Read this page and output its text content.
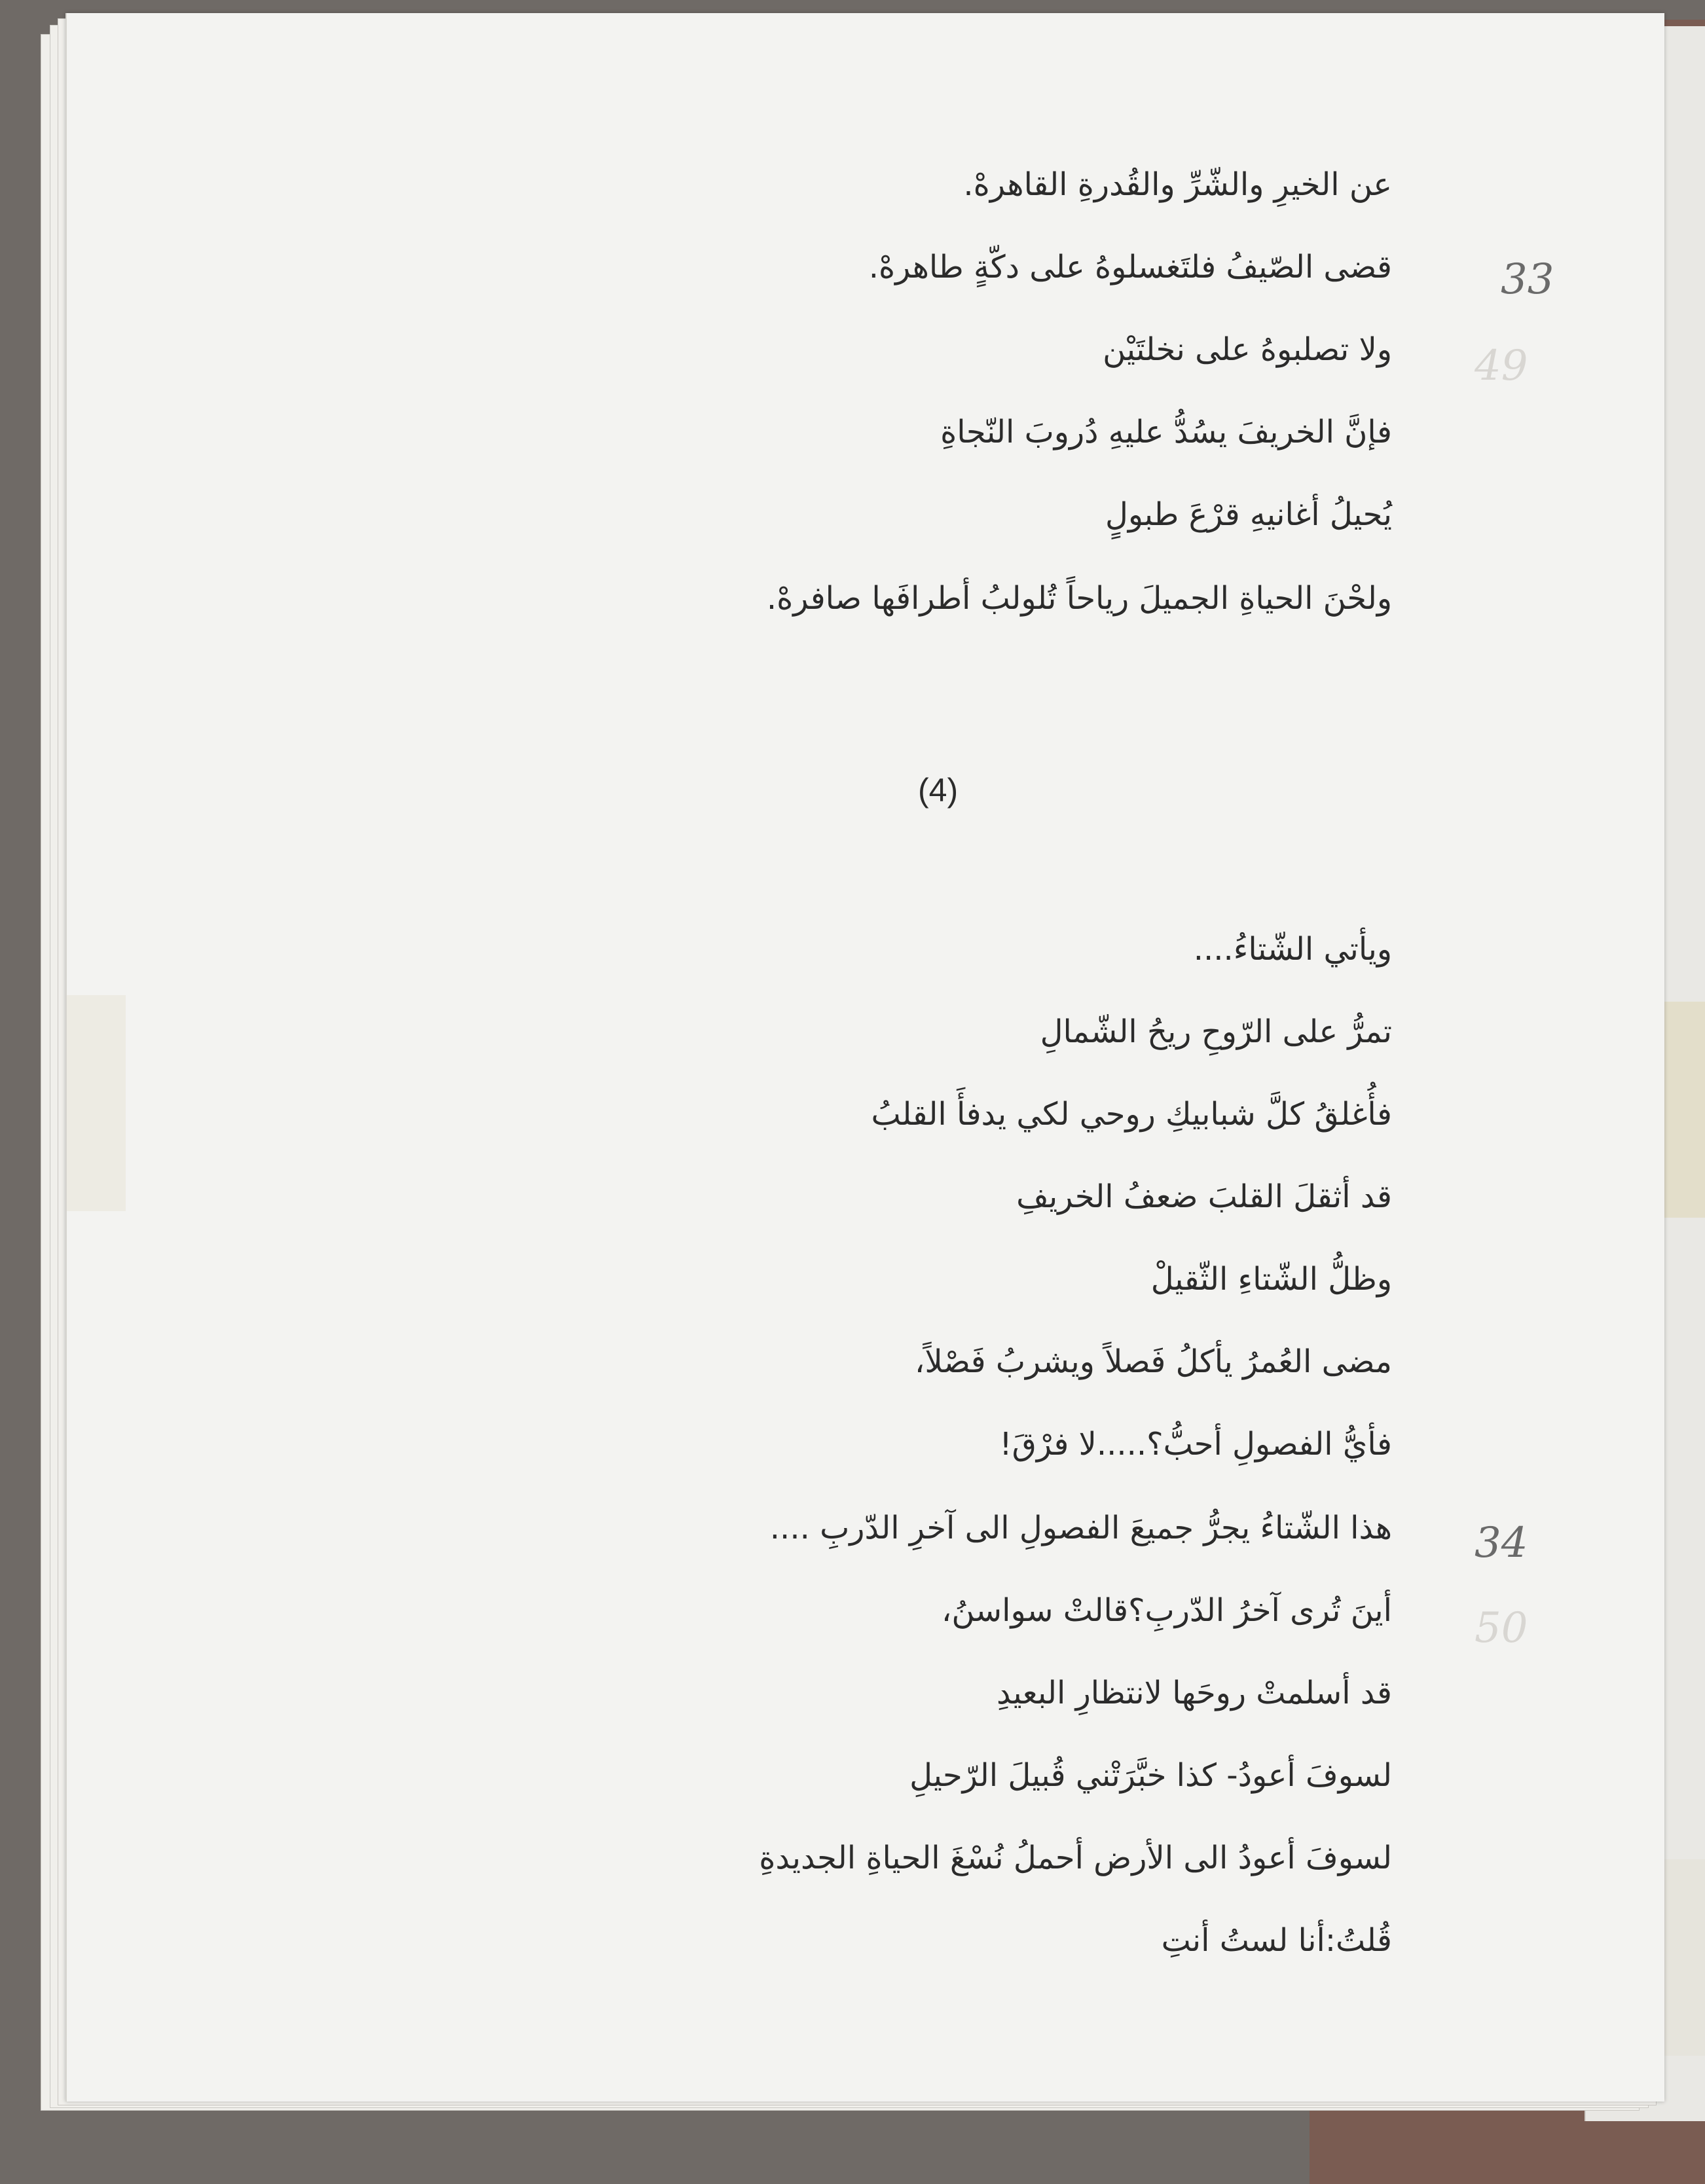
عن الخيرِ والشّرِّ والقُدرةِ القاهرهْ.

قضى الصّيفُ فلتَغسلوهُ على دكّةٍ طاهرهْ.

ولا تصلبوهُ على نخلتَيْن

فإنَّ الخريفَ يسُدُّ عليهِ دُروبَ النّجاةِ

يُحيلُ أغانيهِ قرْعَ طبولٍ

ولحْنَ الحياةِ الجميلَ رياحاً تُلولبُ أطرافَها صافرهْ.

(4)

ويأتي الشّتاءُ....

تمرُّ على الرّوحِ ريحُ الشّمالِ

فأُغلقُ كلَّ شبابيكِ روحي لكي يدفأَ القلبُ

قد أثقلَ القلبَ ضعفُ الخريفِ

وظلُّ الشّتاءِ الثّقيلْ

مضى العُمرُ يأكلُ فَصلاً ويشربُ فَصْلاً،

فأيُّ الفصولِ أحبُّ؟.....لا فرْقَ!

هذا الشّتاءُ يجرُّ جميعَ الفصولِ الى آخرِ الدّربِ ....

أينَ تُرى آخرُ الدّربِ؟قالتْ سواسنُ،

قد أسلمتْ روحَها لانتظارِ البعيدِ

لسوفَ أعودُ- كذا خبَّرَتْني قُبيلَ الرّحيلِ

لسوفَ أعودُ الى الأرض أحملُ نُسْغَ الحياةِ الجديدةِ

قُلتُ:أنا لستُ أنتِ

33
49
34
50
